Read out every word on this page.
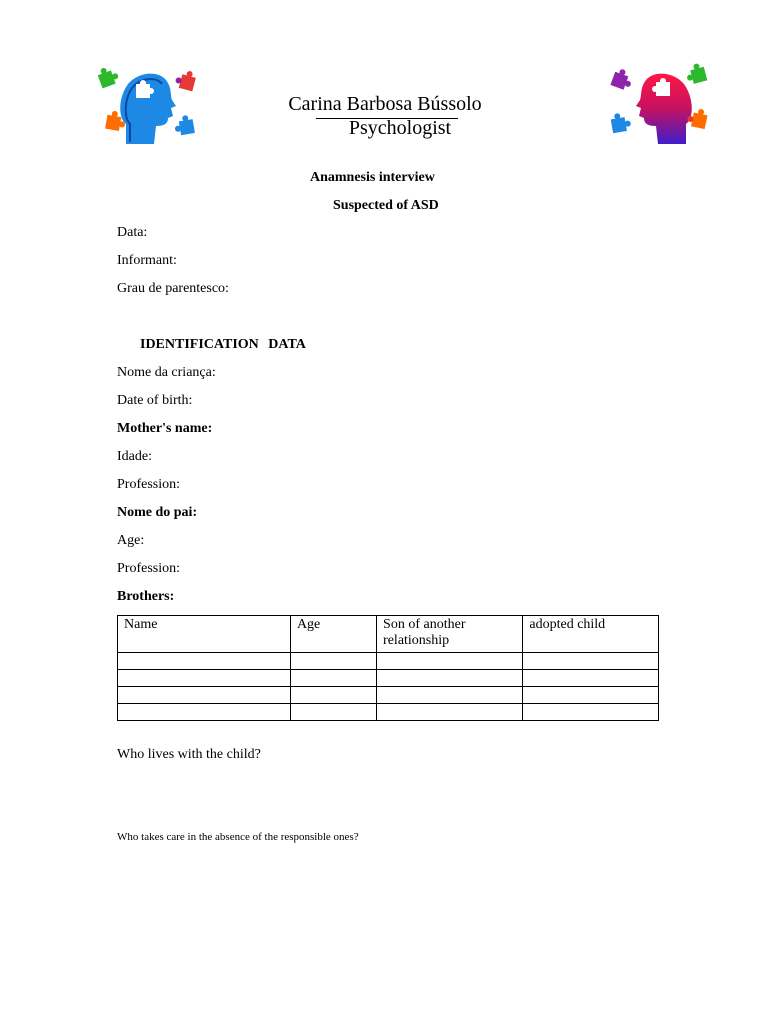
Carina Barbosa Bússolo
Psychologist
Anamnesis interview
Suspected of ASD
Data:
Informant:
Grau de parentesco:
IDENTIFICATION DATA
Nome da criança:
Date of birth:
Mother's name:
Idade:
Profession:
Nome do pai:
Age:
Profession:
Brothers:
Name	Age	Son of another relationship	adopted child

Who lives with the child?
Who takes care in the absence of the responsible ones?
